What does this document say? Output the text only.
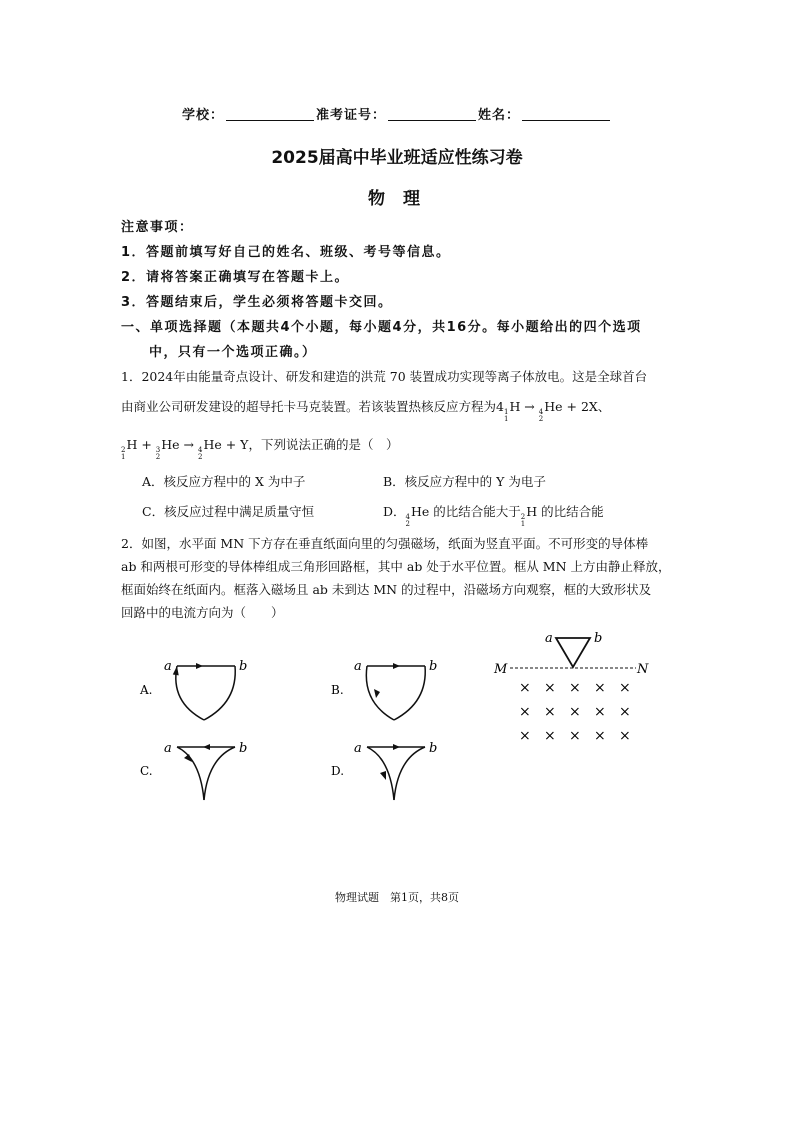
学校：	准考证号：	姓名：
2025届高中毕业班适应性练习卷
物 理
注意事项：
1．答题前填写好自己的姓名、班级、考号等信息。
2．请将答案正确填写在答题卡上。
3．答题结束后，学生必须将答题卡交回。
一、单项选择题（本题共4个小题，每小题4分，共16分。每小题给出的四个选项
中，只有一个选项正确。）
1．2024年由能量奇点设计、研发和建造的洪荒 70 装置成功实现等离子体放电。这是全球首台
由商业公司研发建设的超导托卡马克装置。若该装置热核反应方程为4 1
1
H → 4
2
He + 2X、
2
1
H + 3
2
He → 4
2
He + Y，下列说法正确的是（　）
A．核反应方程中的 X 为中子	B．核反应方程中的 Y 为电子
C．核反应过程中满足质量守恒	D． 4
2
He 的比结合能大于 2
1
H 的比结合能
2．如图，水平面 MN 下方存在垂直纸面向里的匀强磁场，纸面为竖直平面。不可形变的导体棒
ab 和两根可形变的导体棒组成三角形回路框，其中 ab 处于水平位置。框从 MN 上方由静止释放，
框面始终在纸面内。框落入磁场且 ab 未到达 MN 的过程中，沿磁场方向观察，框的大致形状及
回路中的电流方向为（　　）
A.
a	b
B.
a	b
C.
a	b
D.
a	b
a	b
M	N
× × × × ×
× × × × ×
× × × × ×
物理试题　第1页，共8页
